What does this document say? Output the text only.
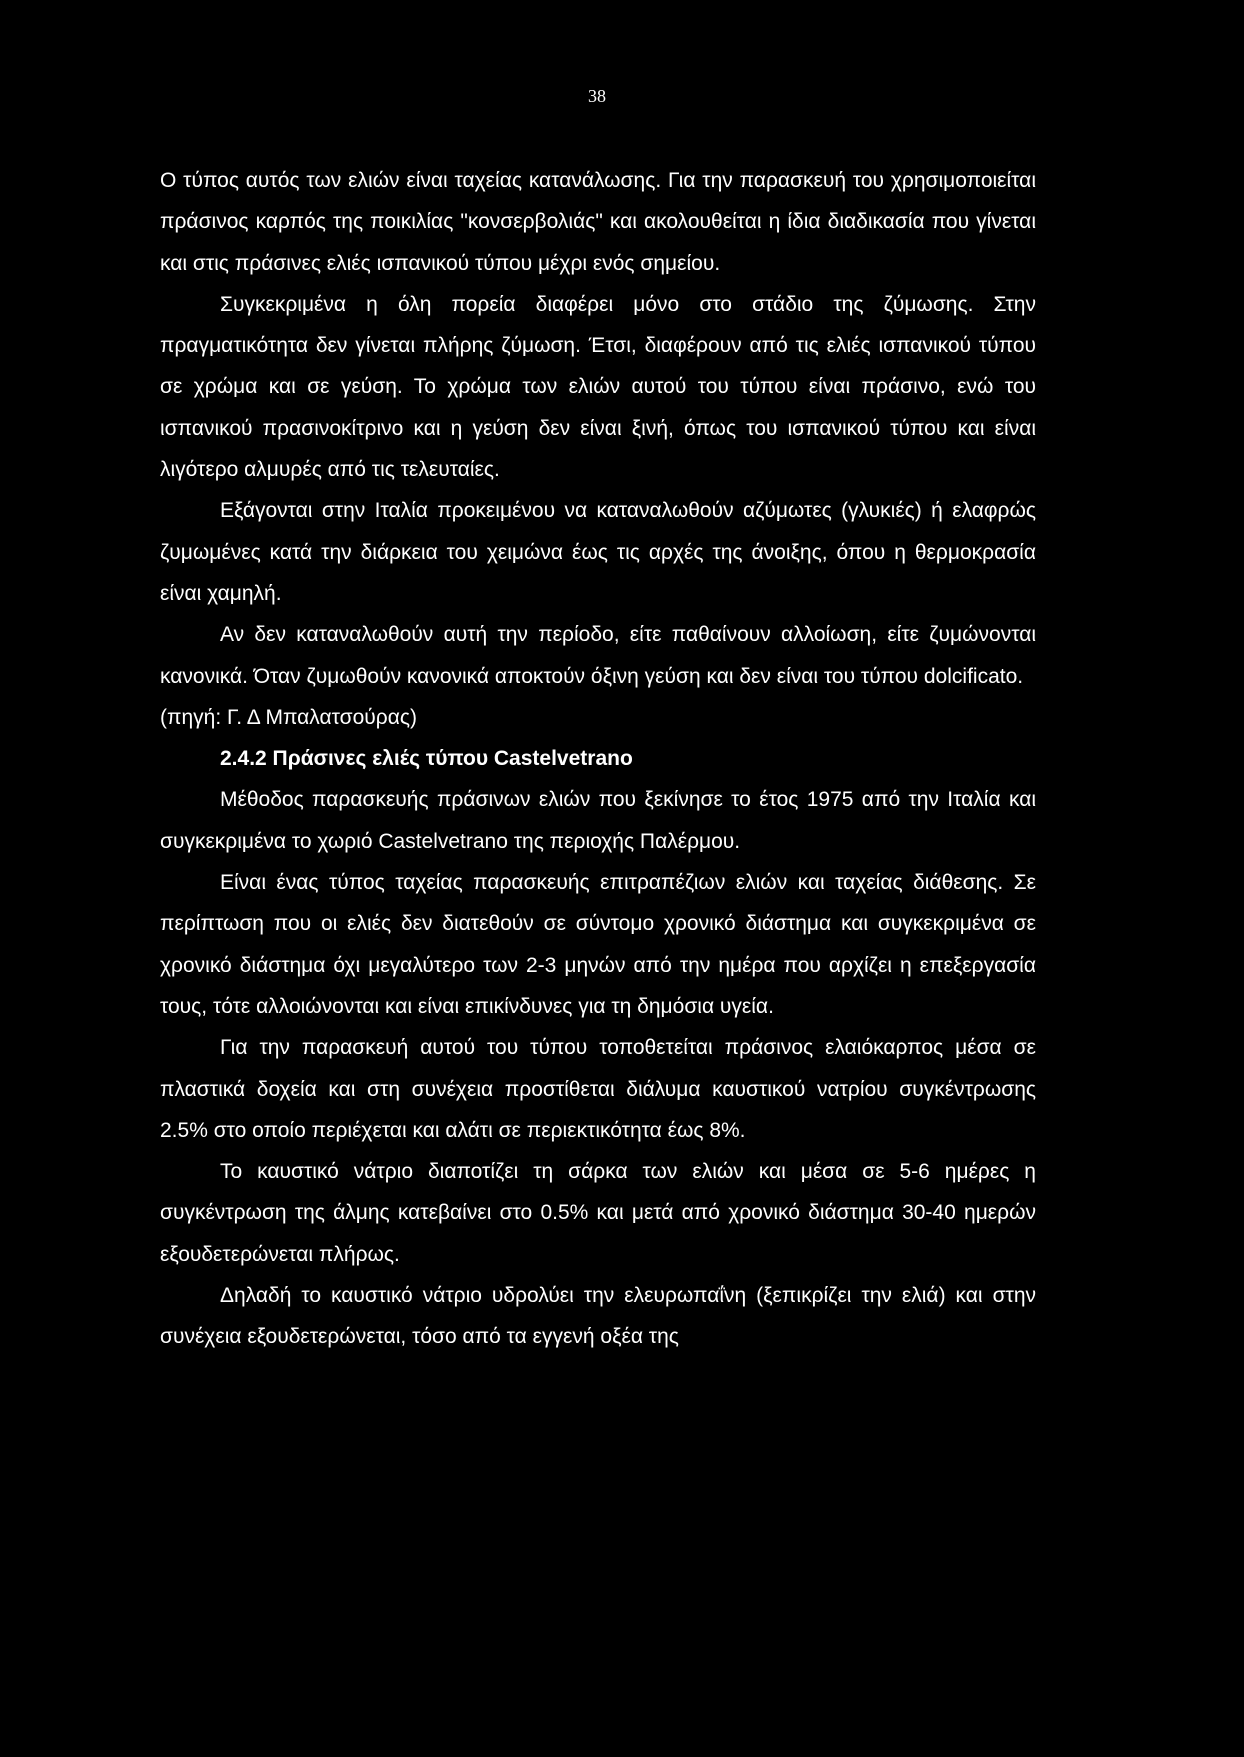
38

Ο τύπος αυτός των ελιών είναι ταχείας κατανάλωσης. Για την παρασκευή του χρησιμοποιείται πράσινος καρπός της ποικιλίας "κονσερβολιάς" και ακολουθείται η ίδια διαδικασία που γίνεται και στις πράσινες ελιές ισπανικού τύπου μέχρι ενός σημείου.

Συγκεκριμένα η όλη πορεία διαφέρει μόνο στο στάδιο της ζύμωσης. Στην πραγματικότητα δεν γίνεται πλήρης ζύμωση. Έτσι, διαφέρουν από τις ελιές ισπανικού τύπου σε χρώμα και σε γεύση. Το χρώμα των ελιών αυτού του τύπου είναι πράσινο, ενώ του ισπανικού πρασινοκίτρινο και η γεύση δεν είναι ξινή, όπως του ισπανικού τύπου και είναι λιγότερο αλμυρές από τις τελευταίες.

Εξάγονται στην Ιταλία προκειμένου να καταναλωθούν αζύμωτες (γλυκιές) ή ελαφρώς ζυμωμένες κατά την διάρκεια του χειμώνα έως τις αρχές της άνοιξης, όπου η θερμοκρασία είναι χαμηλή.

Αν δεν καταναλωθούν αυτή την περίοδο, είτε παθαίνουν αλλοίωση, είτε ζυμώνονται κανονικά. Όταν ζυμωθούν κανονικά αποκτούν όξινη γεύση και δεν είναι του τύπου dolcificato.

(πηγή: Γ. Δ Μπαλατσούρας)

2.4.2 Πράσινες ελιές τύπου Castelvetrano

Μέθοδος παρασκευής πράσινων ελιών που ξεκίνησε το έτος 1975 από την Ιταλία και συγκεκριμένα το χωριό Castelvetrano της περιοχής Παλέρμου.

Είναι ένας τύπος ταχείας παρασκευής επιτραπέζιων ελιών και ταχείας διάθεσης. Σε περίπτωση που οι ελιές δεν διατεθούν σε σύντομο χρονικό διάστημα και συγκεκριμένα σε χρονικό διάστημα όχι μεγαλύτερο των 2-3 μηνών από την ημέρα που αρχίζει η επεξεργασία τους, τότε αλλοιώνονται και είναι επικίνδυνες για τη δημόσια υγεία.

Για την παρασκευή αυτού του τύπου τοποθετείται πράσινος ελαιόκαρπος μέσα σε πλαστικά δοχεία και στη συνέχεια προστίθεται διάλυμα καυστικού νατρίου συγκέντρωσης 2.5% στο οποίο περιέχεται και αλάτι σε περιεκτικότητα έως 8%.

Το καυστικό νάτριο διαποτίζει τη σάρκα των ελιών και μέσα σε 5-6 ημέρες η συγκέντρωση της άλμης κατεβαίνει στο 0.5% και μετά από χρονικό διάστημα 30-40 ημερών εξουδετερώνεται πλήρως.

Δηλαδή το καυστικό νάτριο υδρολύει την ελευρωπαΐνη (ξεπικρίζει την ελιά) και στην συνέχεια εξουδετερώνεται, τόσο από τα εγγενή οξέα της
